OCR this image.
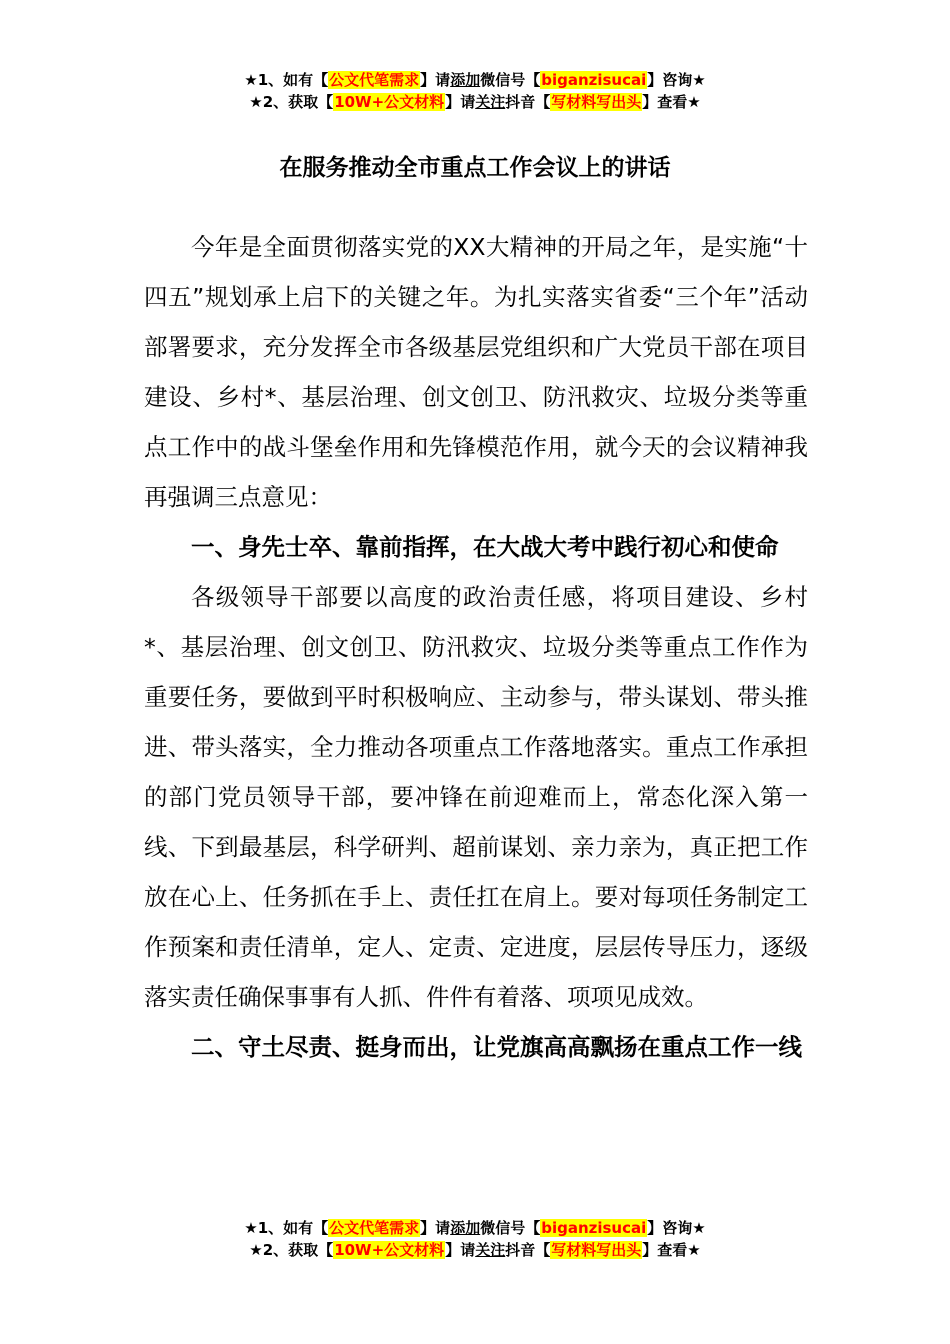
★1、如有【公文代笔需求】请添加微信号【biganzisucai】咨询★
★2、获取【10W+公文材料】请关注抖音【写材料写出头】查看★
在服务推动全市重点工作会议上的讲话

今年是全面贯彻落实党的XX大精神的开局之年，是实施“十四五”规划承上启下的关键之年。为扎实落实省委“三个年”活动部署要求，充分发挥全市各级基层党组织和广大党员干部在项目建设、乡村*、基层治理、创文创卫、防汛救灾、垃圾分类等重点工作中的战斗堡垒作用和先锋模范作用，就今天的会议精神我再强调三点意见：

一、身先士卒、靠前指挥，在大战大考中践行初心和使命

各级领导干部要以高度的政治责任感，将项目建设、乡村*、基层治理、创文创卫、防汛救灾、垃圾分类等重点工作作为重要任务，要做到平时积极响应、主动参与，带头谋划、带头推进、带头落实，全力推动各项重点工作落地落实。重点工作承担的部门党员领导干部，要冲锋在前迎难而上，常态化深入第一线、下到最基层，科学研判、超前谋划、亲力亲为，真正把工作放在心上、任务抓在手上、责任扛在肩上。要对每项任务制定工作预案和责任清单，定人、定责、定进度，层层传导压力，逐级落实责任确保事事有人抓、件件有着落、项项见成效。

二、守土尽责、挺身而出，让党旗高高飘扬在重点工作一线

★1、如有【公文代笔需求】请添加微信号【biganzisucai】咨询★
★2、获取【10W+公文材料】请关注抖音【写材料写出头】查看★
